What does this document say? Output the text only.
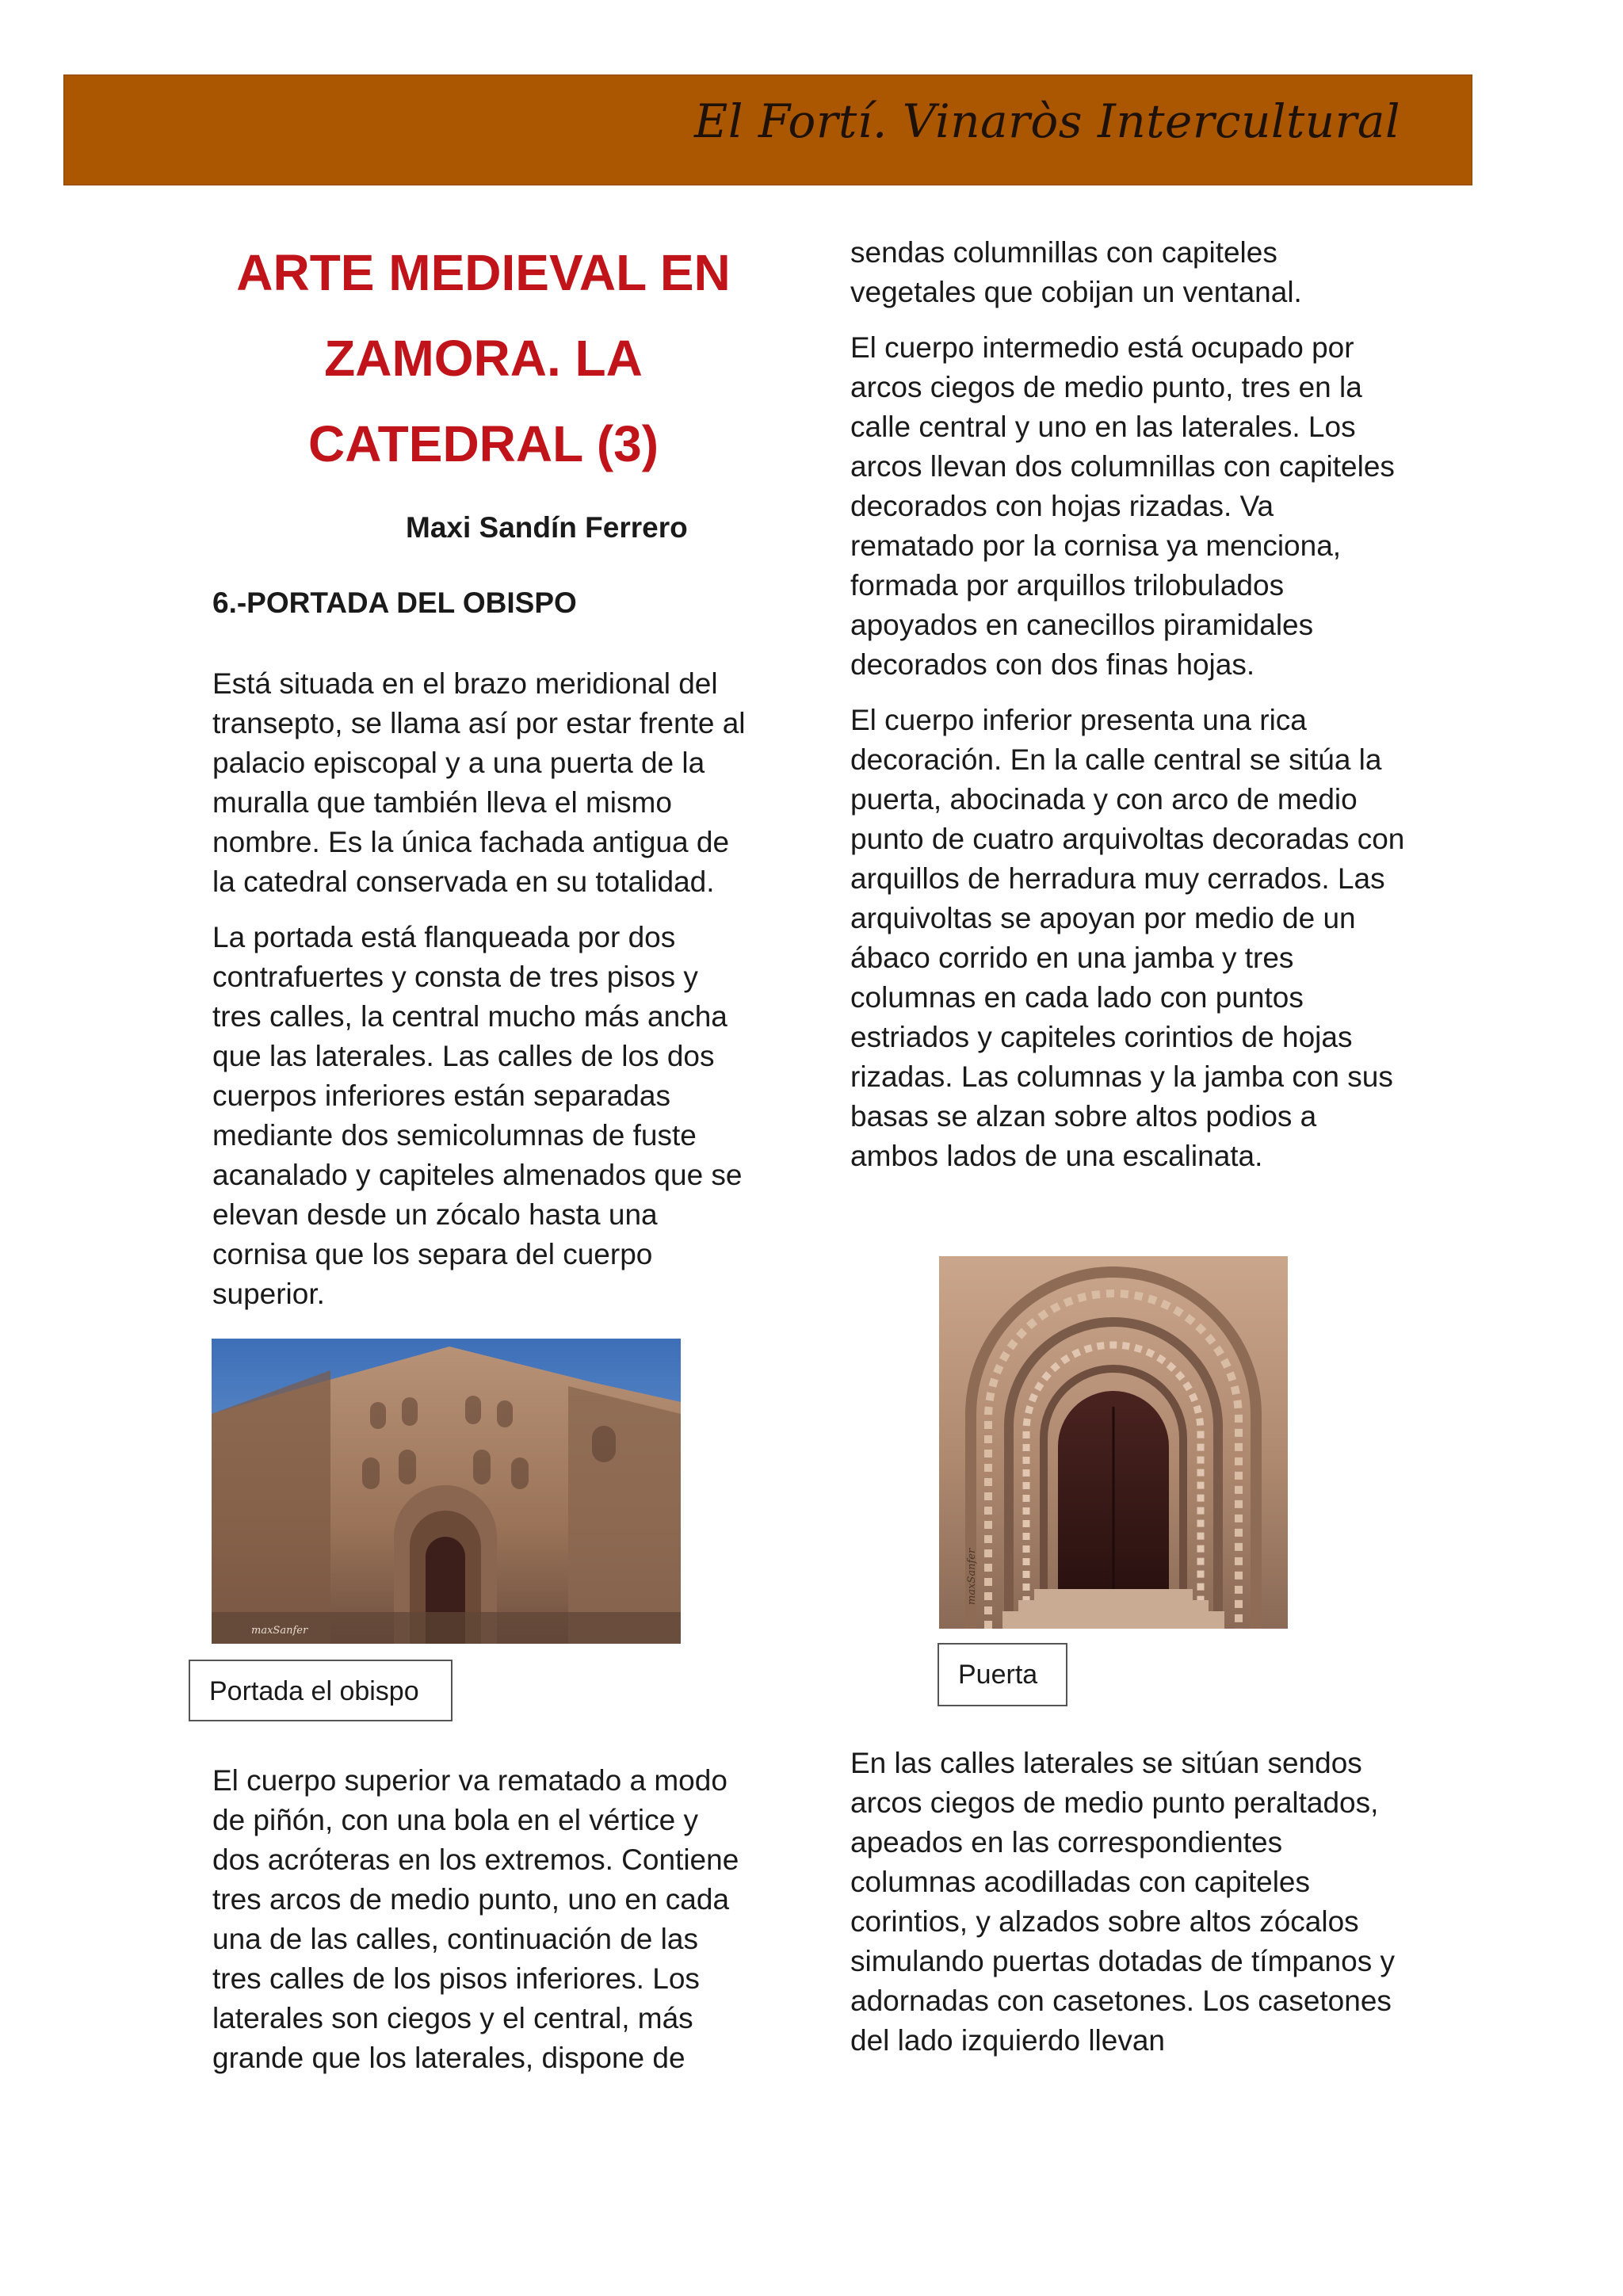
El Fortí. Vinaròs Intercultural
ARTE MEDIEVAL EN ZAMORA. LA CATEDRAL (3)
Maxi Sandín Ferrero
6.-PORTADA DEL OBISPO

Está situada en el brazo meridional del transepto, se llama así por estar frente al palacio episcopal y a una puerta de la muralla que también lleva el mismo nombre. Es la única fachada antigua de la catedral conservada en su totalidad.

La portada está flanqueada por dos contrafuertes y consta de tres pisos y tres calles, la central mucho más ancha que las laterales. Las calles de los dos cuerpos inferiores están separadas mediante dos semicolumnas de fuste acanalado y capiteles almenados que se elevan desde un zócalo hasta una cornisa que los separa del cuerpo superior.

maxSanfer
Portada el obispo

El cuerpo superior va rematado a modo de piñón, con una bola en el vértice y dos acróteras en los extremos. Contiene tres arcos de medio punto, uno en cada una de las calles, continuación de las tres calles de los pisos inferiores. Los laterales son ciegos y el central, más grande que los laterales, dispone de

sendas columnillas con capiteles vegetales que cobijan un ventanal.

El cuerpo intermedio está ocupado por arcos ciegos de medio punto, tres en la calle central y uno en las laterales. Los arcos llevan dos columnillas con capiteles decorados con hojas rizadas. Va rematado por la cornisa ya menciona, formada por arquillos trilobulados apoyados en canecillos piramidales decorados con dos finas hojas.

El cuerpo inferior presenta una rica decoración. En la calle central se sitúa la puerta, abocinada y con arco de medio punto de cuatro arquivoltas decoradas con arquillos de herradura muy cerrados. Las arquivoltas se apoyan por medio de un ábaco corrido en una jamba y tres columnas en cada lado con puntos estriados y capiteles corintios de hojas rizadas. Las columnas y la jamba con sus basas se alzan sobre altos podios a ambos lados de una escalinata.

maxSanfer
Puerta

En las calles laterales se sitúan sendos arcos ciegos de medio punto peraltados, apeados en las correspondientes columnas acodilladas con capiteles corintios, y alzados sobre altos zócalos simulando puertas dotadas de tímpanos y adornadas con casetones. Los casetones del lado izquierdo llevan
